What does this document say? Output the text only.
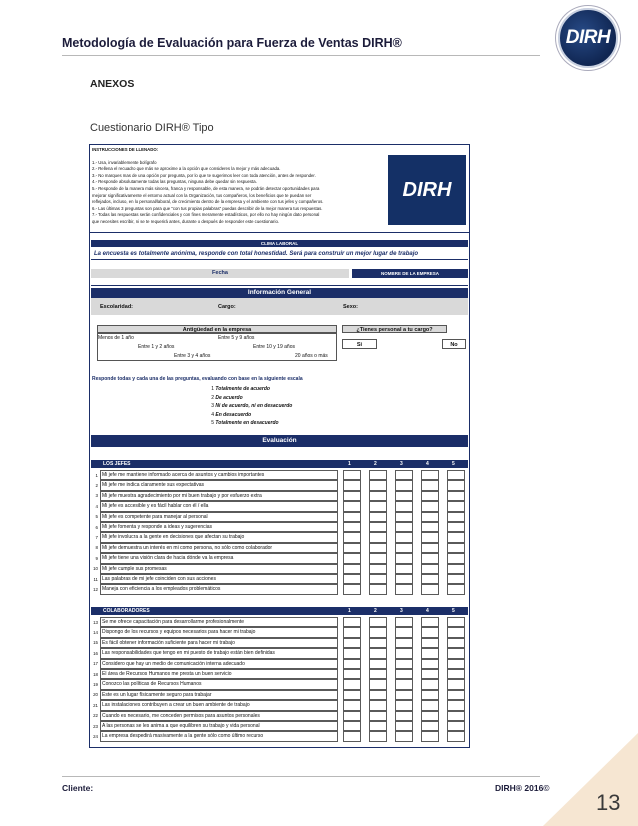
Metodología de Evaluación para Fuerza de Ventas DIRH®	DIRH
ANEXOS
Cuestionario DIRH® Tipo
INSTRUCCIONES DE LLENADO:
1.- Usa, invariablemente bolígrafo
2.- Rellena el recuadro que más se aproxime a la opción que consideres la mejor y más adecuada.
3.- No marques mas de una opción por pregunta, por lo que te sugerimos leer con toda atención, antes de responder.
4.- Responde absolutamente todas las preguntas, ninguna debe quedar sin respuesta.
5.- Responde de la manera más sincera, franca y responsable, de esta manera, se podrán detectar oportunidades para
mejorar significativamente el entorno actual con la Organización, tus compañeros, los beneficios que te puedan ser
reflejados, incluso, en lo personal/laboral, de crecimiento dentro de la empresa y el ambiente con tus jefes y compañeros.
6.- Las últimas 3 preguntas son para que "con tus propias palabras" puedas describir de la mejor manera tus respuestas.
7.- Todas las respuestas serán confidenciales y con fines meramente estadísticos, por ello no hay ningún dato personal
que necesites escribir, ni se te requerirá antes, durante o después de responder este cuestionario.
DIRH
CLIMA LABORAL
La encuesta es totalmente anónima, responde con total honestidad. Será para construir un mejor lugar de trabajo
Fecha	NOMBRE DE LA EMPRESA
Información General
Escolaridad:	Cargo:	Sexo:
Antigüedad en la empresa	¿Tienes personal a tu cargo?
Menos de 1 año	Entre 5 y 9 años
Entre 1 y 2 años	Entre 10 y 19 años
Entre 3 y 4 años	20 años o más
Si	No
Responde todas y cada una de las preguntas, evaluando con base en la siguiente escala
1 Totalmente de acuerdo
2 De acuerdo
3 Ni de acuerdo, ni en desacuerdo
4 En desacuerdo
5 Totalmente en desacuerdo
Evaluación
LOS JEFES	1	2	3	4	5
1 Mi jefe me mantiene informado acerca de asuntos y cambios importantes
2 Mi jefe me indica claramente sus expectativas
3 Mi jefe muestra agradecimiento por mi buen trabajo y por esfuerzo extra
4 Mi jefe es accesible y es fácil hablar con él / ella
5 Mi jefe es competente para manejar al personal
6 Mi jefe fomenta y responde a ideas y sugerencias
7 Mi jefe involucra a la gente en decisiones que afectan su trabajo
8 Mi jefe demuestra un interés en mi como persona, no sólo como colaborador
9 Mi jefe tiene una visión clara de hacia dónde va la empresa
10 Mi jefe cumple sus promesas
11 Las palabras de mi jefe coinciden con sus acciones
12 Maneja con eficiencia a los empleados problemáticos
COLABORADORES	1	2	3	4	5
13 Se me ofrece capacitación para desarrollarme profesionalmente
14 Dispongo de los recursos y equipos necesarios para hacer mi trabajo
15 Es fácil obtener información suficiente para hacer mi trabajo
16 Las responsabilidades que tengo en mi puesto de trabajo están bien definidas
17 Considero que hay un medio de comunicación interna adecuado
18 El área de Recursos Humanos me presta un buen servicio
19 Conozco las políticas de Recursos Humanos
20 Este es un lugar físicamente seguro para trabajar
21 Las instalaciones contribuyen a crear un buen ambiente de trabajo
22 Cuando es necesario, me conceden permisos para asuntos personales
23 A las personas se les anima a que equilibren su trabajo y vida personal
24 La empresa despedirá masivamente a la gente sólo como último recurso
Cliente:	DIRH® 2016©
13
